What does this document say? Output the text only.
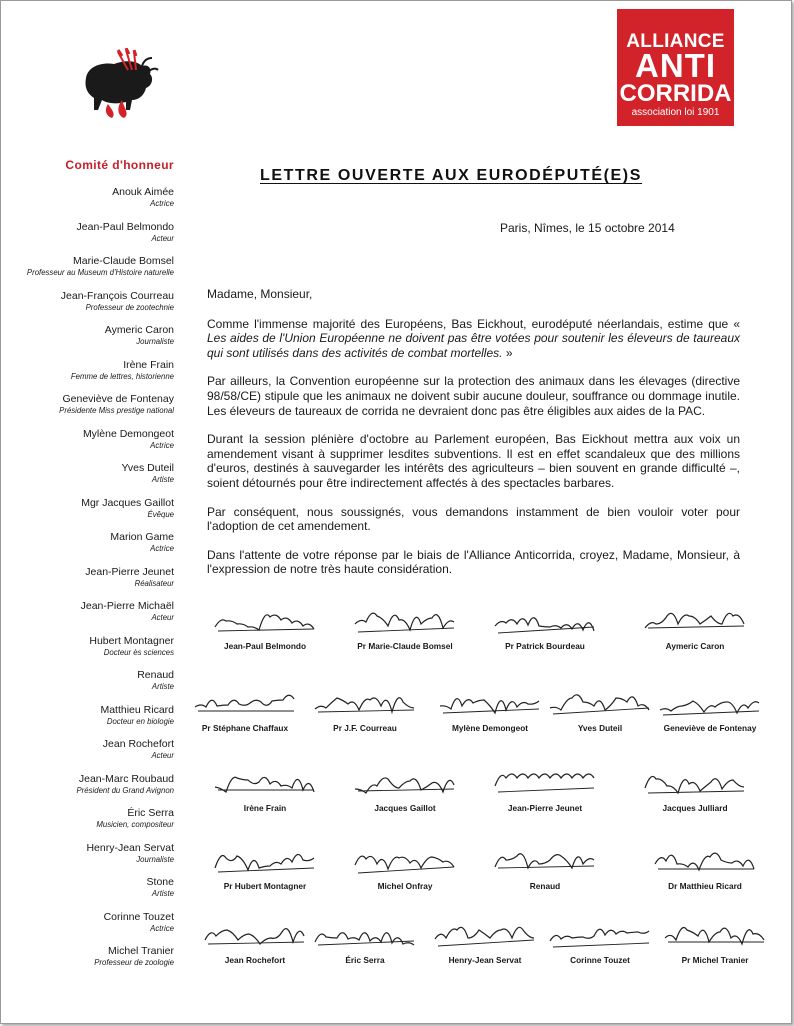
ALLIANCE
ANTI
CORRIDA
association loi 1901
Comité d'honneur
Anouk Aimée
Actrice
Jean-Paul Belmondo
Acteur
Marie-Claude Bomsel
Professeur au Museum d'Histoire naturelle
Jean-François Courreau
Professeur de zootechnie
Aymeric Caron
Journaliste
Irène Frain
Femme de lettres, historienne
Geneviève de Fontenay
Présidente Miss prestige national
Mylène Demongeot
Actrice
Yves Duteil
Artiste
Mgr Jacques Gaillot
Évêque
Marion Game
Actrice
Jean-Pierre Jeunet
Réalisateur
Jean-Pierre Michaël
Acteur
Hubert Montagner
Docteur ès sciences
Renaud
Artiste
Matthieu Ricard
Docteur en biologie
Jean Rochefort
Acteur
Jean-Marc Roubaud
Président du Grand Avignon
Éric Serra
Musicien, compositeur
Henry-Jean Servat
Journaliste
Stone
Artiste
Corinne Touzet
Actrice
Michel Tranier
Professeur de zoologie
LETTRE OUVERTE AUX EURODÉPUTÉ(E)S
Paris, Nîmes, le 15 octobre 2014

Madame, Monsieur,

Comme l'immense majorité des Européens, Bas Eickhout, eurodéputé néerlandais, estime que « Les aides de l'Union Européenne ne doivent pas être votées pour soutenir les éleveurs de taureaux qui sont utilisés dans des activités de combat mortelles. »

Par ailleurs, la Convention européenne sur la protection des animaux dans les élevages (directive 98/58/CE) stipule que les animaux ne doivent subir aucune douleur, souffrance ou dommage inutile. Les éleveurs de taureaux de corrida ne devraient donc pas être éligibles aux aides de la PAC.

Durant la session plénière d'octobre au Parlement européen, Bas Eickhout mettra aux voix un amendement visant à supprimer lesdites subventions. Il est en effet scandaleux que des millions d'euros, destinés à sauvegarder les intérêts des agriculteurs – bien souvent en grande difficulté –, soient détournés pour être indirectement affectés à des spectacles barbares.

Par conséquent, nous soussignés, vous demandons instamment de bien vouloir voter pour l'adoption de cet amendement.

Dans l'attente de votre réponse par le biais de l'Alliance Anticorrida, croyez, Madame, Monsieur, à l'expression de notre très haute considération.

Jean-Paul Belmondo	Pr Marie-Claude Bomsel	Pr Patrick Bourdeau	Aymeric Caron
Pr Stéphane Chaffaux	Pr J.F. Courreau	Mylène Demongeot	Yves Duteil	Geneviève de Fontenay
Irène Frain	Jacques Gaillot	Jean-Pierre Jeunet	Jacques Julliard
Pr Hubert Montagner	Michel Onfray	Renaud	Dr Matthieu Ricard
Jean Rochefort	Éric Serra	Henry-Jean Servat	Corinne Touzet	Pr Michel Tranier
